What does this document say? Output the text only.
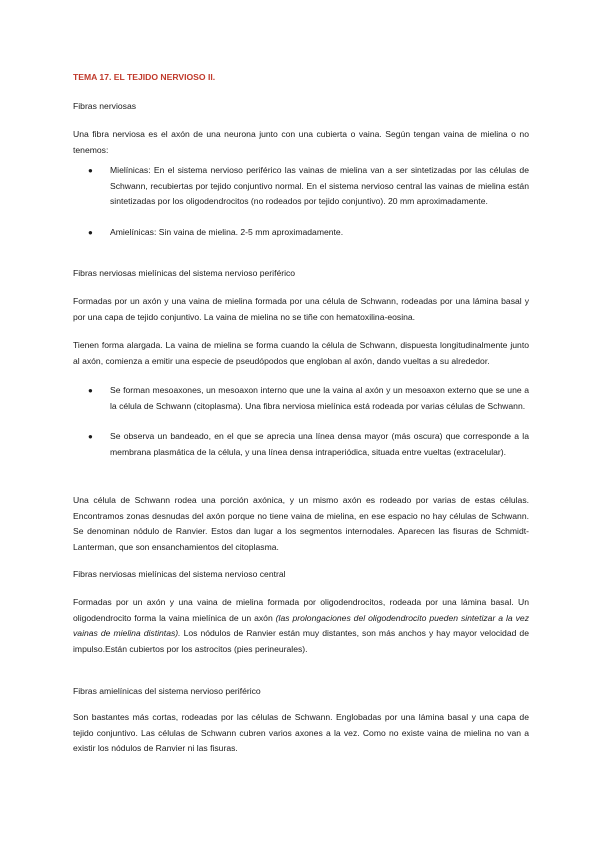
TEMA 17. EL TEJIDO NERVIOSO II.
Fibras nerviosas
Una fibra nerviosa es el axón de una neurona junto con una cubierta o vaina. Según tengan vaina de mielina o no tenemos:
● Mielínicas: En el sistema nervioso periférico las vainas de mielina van a ser sintetizadas por las células de Schwann, recubiertas por tejido conjuntivo normal. En el sistema nervioso central las vainas de mielina están sintetizadas por los oligodendrocitos (no rodeados por tejido conjuntivo). 20 mm aproximadamente.
● Amielínicas: Sin vaina de mielina. 2-5 mm aproximadamente.
Fibras nerviosas mielínicas del sistema nervioso periférico
Formadas por un axón y una vaina de mielina formada por una célula de Schwann, rodeadas por una lámina basal y por una capa de tejido conjuntivo. La vaina de mielina no se tiñe con hematoxilina-eosina.
Tienen forma alargada. La vaina de mielina se forma cuando la célula de Schwann, dispuesta longitudinalmente junto al axón, comienza a emitir una especie de pseudópodos que engloban al axón, dando vueltas a su alrededor.
● Se forman mesoaxones, un mesoaxon interno que une la vaina al axón y un mesoaxon externo que se une a la célula de Schwann (citoplasma). Una fibra nerviosa mielínica está rodeada por varias células de Schwann.
● Se observa un bandeado, en el que se aprecia una línea densa mayor (más oscura) que corresponde a la membrana plasmática de la célula, y una línea densa intraperiódica, situada entre vueltas (extracelular).
Una célula de Schwann rodea una porción axónica, y un mismo axón es rodeado por varias de estas células. Encontramos zonas desnudas del axón porque no tiene vaina de mielina, en ese espacio no hay células de Schwann. Se denominan nódulo de Ranvier. Estos dan lugar a los segmentos internodales. Aparecen las fisuras de Schmidt-Lanterman, que son ensanchamientos del citoplasma.
Fibras nerviosas mielínicas del sistema nervioso central
Formadas por un axón y una vaina de mielina formada por oligodendrocitos, rodeada por una lámina basal. Un oligodendrocito forma la vaina mielínica de un axón (las prolongaciones del oligodendrocito pueden sintetizar a la vez vainas de mielina distintas). Los nódulos de Ranvier están muy distantes, son más anchos y hay mayor velocidad de impulso.Están cubiertos por los astrocitos (pies perineurales).
Fibras amielínicas del sistema nervioso periférico
Son bastantes más cortas, rodeadas por las células de Schwann. Englobadas por una lámina basal y una capa de tejido conjuntivo. Las células de Schwann cubren varios axones a la vez. Como no existe vaina de mielina no van a existir los nódulos de Ranvier ni las fisuras.
